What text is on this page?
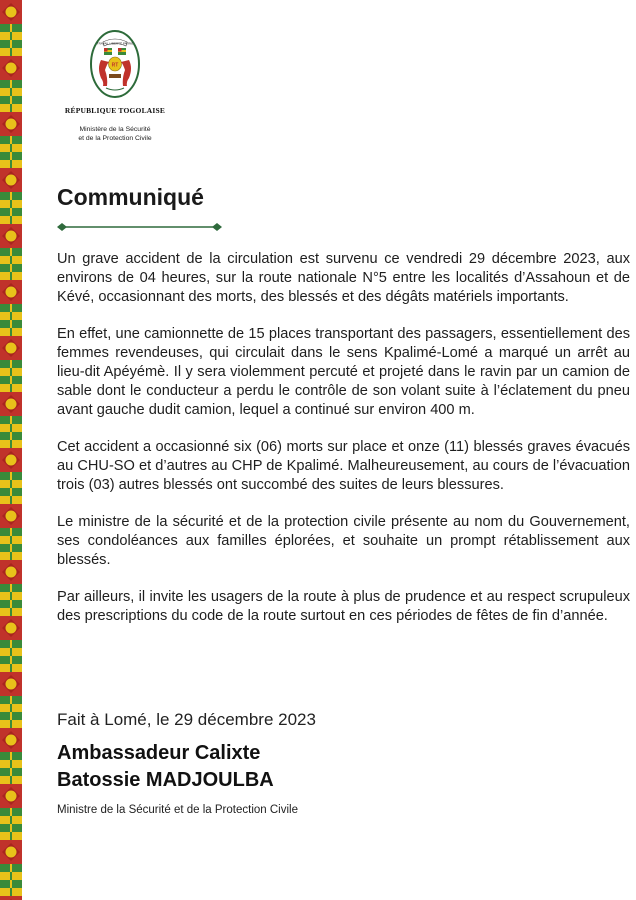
TRAVAIL LIBERTÉ PATRIE
RT
RÉPUBLIQUE TOGOLAISE
Ministère de la Sécurité
et de la Protection Civile
Communiqué

Un grave accident de la circulation est survenu ce vendredi 29 décembre 2023, aux environs de 04 heures, sur la route nationale N°5 entre les localités d’Assahoun et de Kévé, occasionnant des morts, des blessés et des dégâts matériels importants.

En effet, une camionnette de 15 places transportant des passagers, essentiellement des femmes revendeuses, qui circulait dans le sens Kpalimé-Lomé a marqué un arrêt au lieu-dit Apéyémè. Il y sera violemment percuté et projeté dans le ravin par un camion de sable dont le conducteur a perdu le contrôle de son volant suite à l’éclatement du pneu avant gauche dudit camion, lequel a continué sur environ 400 m.

Cet accident a occasionné six (06) morts sur place et onze (11) blessés graves évacués au CHU-SO et d’autres au CHP de Kpalimé. Malheureusement, au cours de l’évacuation trois (03) autres blessés ont succombé des suites de leurs blessures.

Le ministre de la sécurité et de la protection civile présente au nom du Gouvernement, ses condoléances aux familles éplorées, et souhaite un prompt rétablissement aux blessés.

Par ailleurs, il invite les usagers de la route à plus de prudence et au respect scrupuleux des prescriptions du code de la route surtout en ces périodes de fêtes de fin d’année.

Fait à Lomé, le 29 décembre 2023

Ambassadeur Calixte

Batossie MADJOULBA

Ministre de la Sécurité et de la Protection Civile
